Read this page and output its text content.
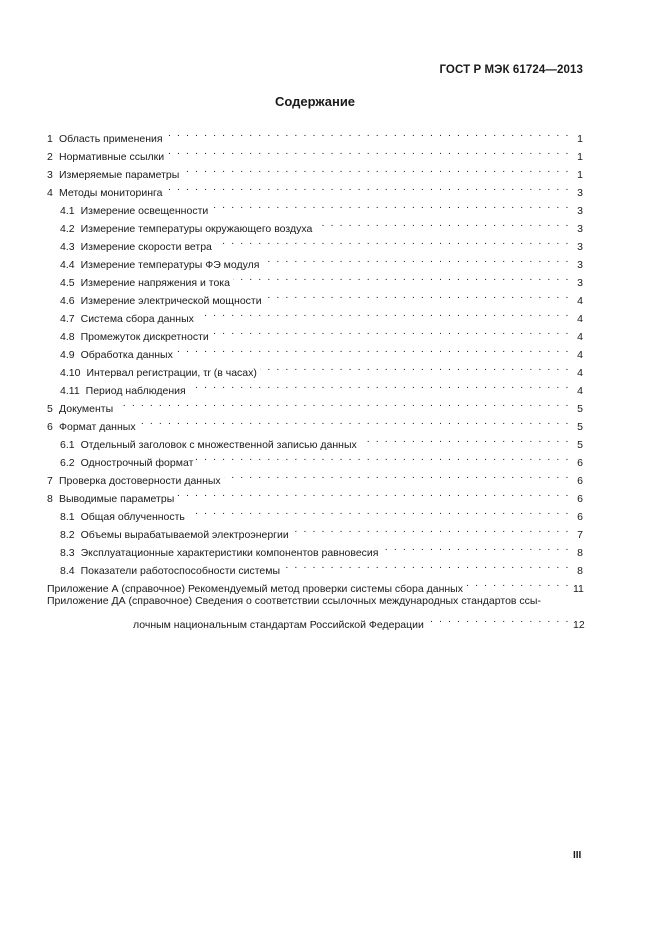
ГОСТ Р МЭК 61724—2013
Содержание
1 Область применения . . .	1
2 Нормативные ссылки . . .	1
3 Измеряемые параметры . . .	1
4 Методы мониторинга . . .	3
4.1 Измерение освещенности . . .	3
4.2 Измерение температуры окружающего воздуха . . .	3
4.3 Измерение скорости ветра . . .	3
4.4 Измерение температуры ФЭ модуля . . .	3
4.5 Измерение напряжения и тока . . .	3
4.6 Измерение электрической мощности . . .	4
4.7 Система сбора данных . . .	4
4.8 Промежуток дискретности . . .	4
4.9 Обработка данных . . .	4
4.10 Интервал регистрации, τr (в часах) . . .	4
4.11 Период наблюдения . . .	4
5 Документы . . .	5
6 Формат данных . . .	5
6.1 Отдельный заголовок с множественной записью данных . . .	5
6.2 Однострочный формат . . .	6
7 Проверка достоверности данных . . .	6
8 Выводимые параметры . . .	6
8.1 Общая облученность . . .	6
8.2 Объемы вырабатываемой электроэнергии . . .	7
8.3 Эксплуатационные характеристики компонентов равновесия . . .	8
8.4 Показатели работоспособности системы . . .	8
Приложение А (справочное) Рекомендуемый метод проверки системы сбора данных . . .	11
Приложение ДА (справочное) Сведения о соответствии ссылочных международных стандартов ссы-
лочным национальным стандартам Российской Федерации . . .	12
III
